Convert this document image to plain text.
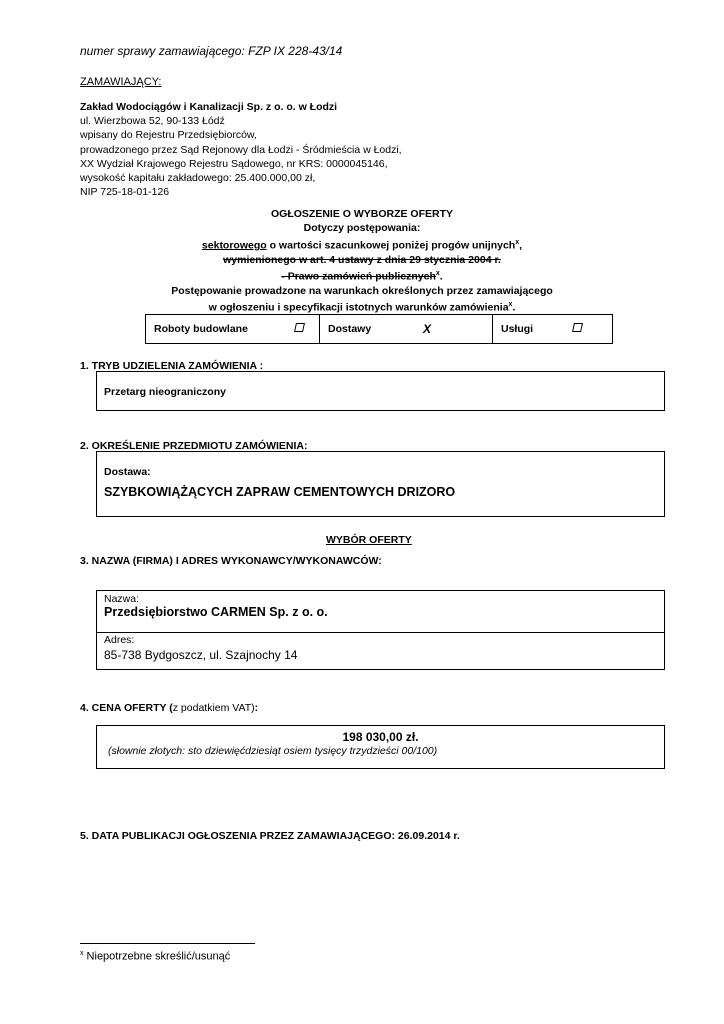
numer sprawy zamawiającego: FZP IX 228-43/14
ZAMAWIAJĄCY:
Zakład Wodociągów i Kanalizacji Sp. z o. o. w Łodzi
ul. Wierzbowa 52, 90-133 Łódź
wpisany do Rejestru Przedsiębiorców,
prowadzonego przez Sąd Rejonowy dla Łodzi - Śródmieścia w Łodzi,
XX Wydział Krajowego Rejestru Sądowego, nr KRS: 0000045146,
wysokość kapitału zakładowego: 25.400.000,00 zł,
NIP 725-18-01-126
OGŁOSZENIE O WYBORZE OFERTY
Dotyczy postępowania:
sektorowego o wartości szacunkowej poniżej progów unijnych$^x$,
wymienionego w art. 4 ustawy z dnia 29 stycznia 2004 r.
- Prawo zamówień publicznych$^x$.
Postępowanie prowadzone na warunkach określonych przez zamawiającego
w ogłoszeniu i specyfikacji istotnych warunków zamówienia$^x$.
Roboty budowlane	Dostawy	X	Usługi
1. TRYB UDZIELENIA ZAMÓWIENIA :
Przetarg nieograniczony
2. OKREŚLENIE PRZEDMIOTU ZAMÓWIENIA:
Dostawa:
SZYBKOWIĄŻĄCYCH ZAPRAW CEMENTOWYCH DRIZORO
WYBÓR OFERTY
3. NAZWA (FIRMA) I ADRES WYKONAWCY/WYKONAWCÓW:
Nazwa:
Przedsiębiorstwo CARMEN Sp. z o. o.
Adres:
85-738 Bydgoszcz, ul. Szajnochy 14
4. CENA OFERTY (z podatkiem VAT):
198 030,00 zł.
(słownie złotych: sto dziewięćdziesiąt osiem tysięcy trzydzieści 00/100)
5. DATA PUBLIKACJI OGŁOSZENIA PRZEZ ZAMAWIAJĄCEGO: 26.09.2014 r.
$^x$ Niepotrzebne skreślić/usunąć
